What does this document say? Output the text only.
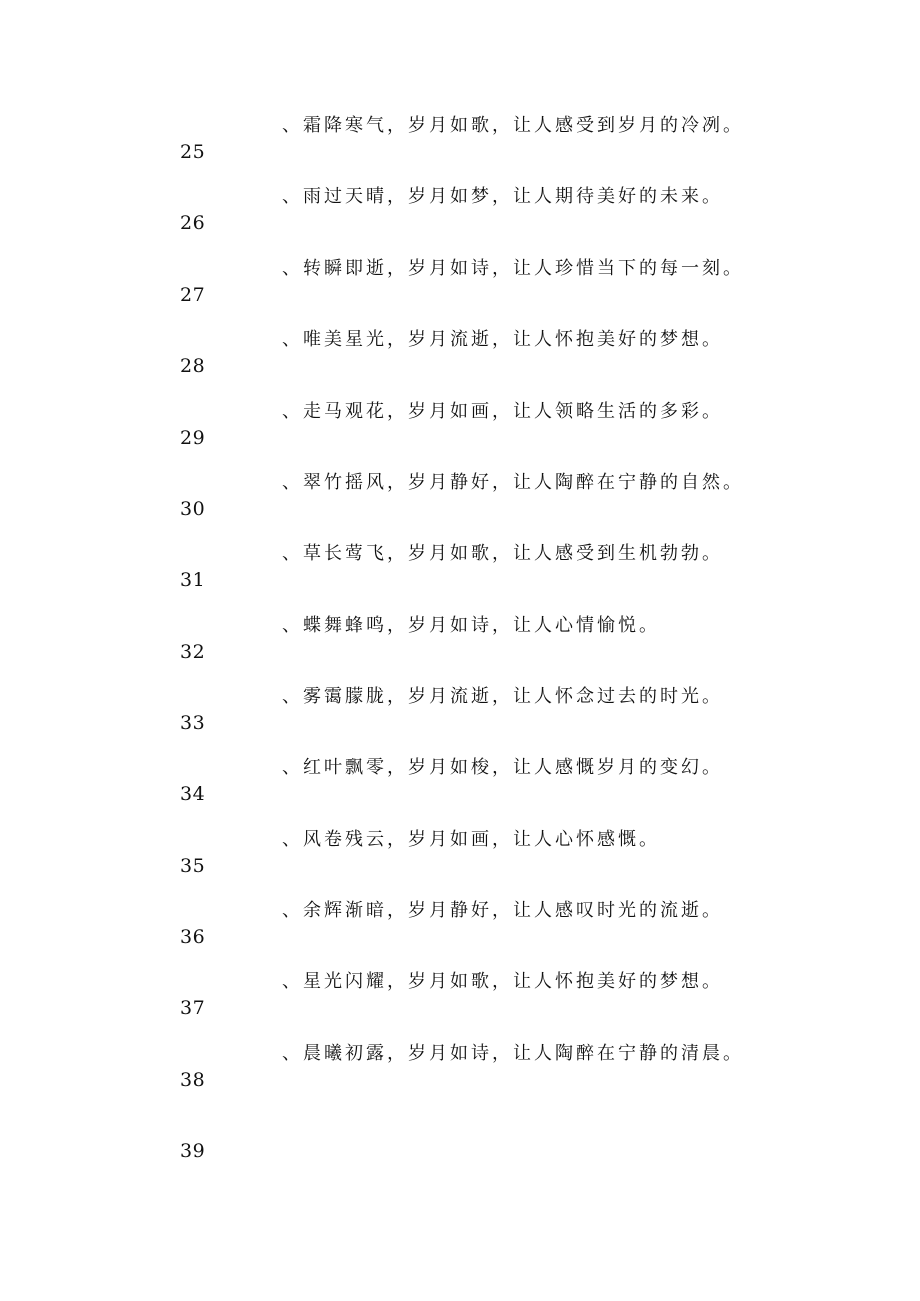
、霜降寒气，岁月如歌，让人感受到岁月的冷冽。
25
、雨过天晴，岁月如梦，让人期待美好的未来。
26
、转瞬即逝，岁月如诗，让人珍惜当下的每一刻。
27
、唯美星光，岁月流逝，让人怀抱美好的梦想。
28
、走马观花，岁月如画，让人领略生活的多彩。
29
、翠竹摇风，岁月静好，让人陶醉在宁静的自然。
30
、草长莺飞，岁月如歌，让人感受到生机勃勃。
31
、蝶舞蜂鸣，岁月如诗，让人心情愉悦。
32
、雾霭朦胧，岁月流逝，让人怀念过去的时光。
33
、红叶飘零，岁月如梭，让人感慨岁月的变幻。
34
、风卷残云，岁月如画，让人心怀感慨。
35
、余辉渐暗，岁月静好，让人感叹时光的流逝。
36
、星光闪耀，岁月如歌，让人怀抱美好的梦想。
37
、晨曦初露，岁月如诗，让人陶醉在宁静的清晨。
38
39
